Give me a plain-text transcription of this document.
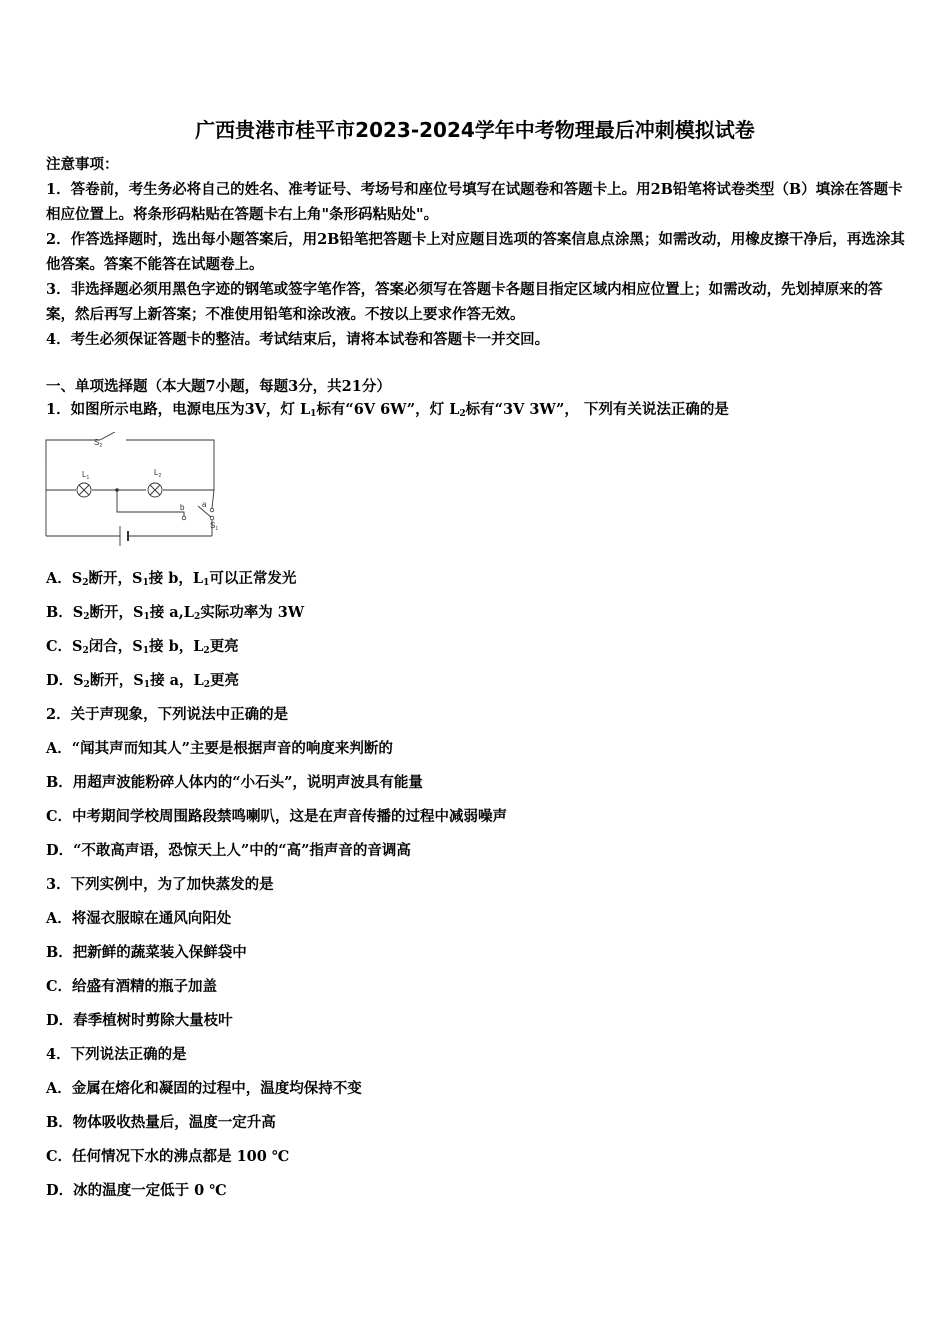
广西贵港市桂平市2023-2024学年中考物理最后冲刺模拟试卷

注意事项：

1．答卷前，考生务必将自己的姓名、准考证号、考场号和座位号填写在试题卷和答题卡上。用2B铅笔将试卷类型（B）填涂在答题卡相应位置上。将条形码粘贴在答题卡右上角"条形码粘贴处"。

2．作答选择题时，选出每小题答案后，用2B铅笔把答题卡上对应题目选项的答案信息点涂黑；如需改动，用橡皮擦干净后，再选涂其他答案。答案不能答在试题卷上。

3．非选择题必须用黑色字迹的钢笔或签字笔作答，答案必须写在答题卡各题目指定区域内相应位置上；如需改动，先划掉原来的答案，然后再写上新答案；不准使用铅笔和涂改液。不按以上要求作答无效。

4．考生必须保证答题卡的整洁。考试结束后，请将本试卷和答题卡一并交回。

一、单项选择题（本大题7小题，每题3分，共21分）
1．如图所示电路，电源电压为3V，灯 $L_1$标有“6V 6W”，灯 $L_2$标有“3V 3W”， 下列有关说法正确的是
$S_2$
$L_1$
$L_2$
b a
$S_1$
A．$S_2$断开，$S_1$接 b，$L_1$可以正常发光
B．$S_2$断开，$S_1$接 $a,L_2$实际功率为 3W
C．$S_2$闭合，$S_1$接 b，$L_2$更亮
D．$S_2$断开，$S_1$接 a，$L_2$更亮
2．关于声现象，下列说法中正确的是
A．“闻其声而知其人”主要是根据声音的响度来判断的
B．用超声波能粉碎人体内的“小石头”，说明声波具有能量
C．中考期间学校周围路段禁鸣喇叭，这是在声音传播的过程中减弱噪声
D．“不敢高声语，恐惊天上人”中的“高”指声音的音调高
3．下列实例中，为了加快蒸发的是
A．将湿衣服晾在通风向阳处
B．把新鲜的蔬菜装入保鲜袋中
C．给盛有酒精的瓶子加盖
D．春季植树时剪除大量枝叶
4．下列说法正确的是
A．金属在熔化和凝固的过程中，温度均保持不变
B．物体吸收热量后，温度一定升高
C．任何情况下水的沸点都是 100 ℃
D．冰的温度一定低于 0 ℃
